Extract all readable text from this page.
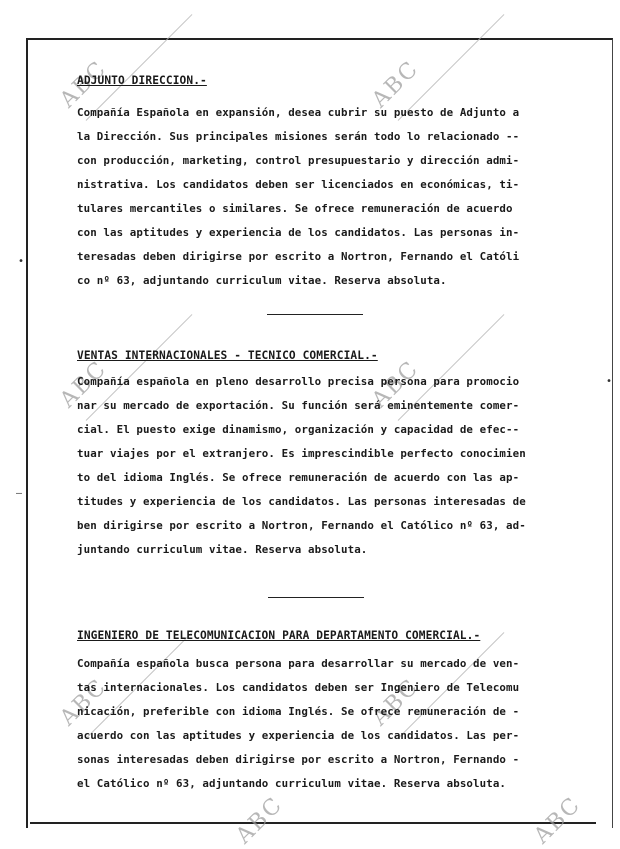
ABC	ABC
ABC	ABC
ABC	ABC
ABC	ABC
•
–
•

ADJUNTO DIRECCION.-

Compañía Española en expansión, desea cubrir su puesto de Adjunto a

la Dirección. Sus principales misiones serán todo lo relacionado --

con producción, marketing, control presupuestario y dirección admi-

nistrativa. Los candidatos deben ser licenciados en económicas, ti-

tulares mercantiles o similares. Se ofrece remuneración de acuerdo

con las aptitudes y experiencia de los candidatos. Las personas in-

teresadas deben dirigirse por escrito a Nortron, Fernando el Católi

co nº 63, adjuntando curriculum vitae. Reserva absoluta.

VENTAS INTERNACIONALES - TECNICO COMERCIAL.-

Compañía española en pleno desarrollo precisa persona para promocio

nar su mercado de exportación. Su función será eminentemente comer-

cial. El puesto exige dinamismo, organización y capacidad de efec--

tuar viajes por el extranjero. Es imprescindible perfecto conocimien

to del idioma Inglés. Se ofrece remuneración de acuerdo con las ap-

titudes y experiencia de los candidatos. Las personas interesadas de

ben dirigirse por escrito a Nortron, Fernando el Católico nº 63, ad-

juntando curriculum vitae. Reserva absoluta.

INGENIERO DE TELECOMUNICACION PARA DEPARTAMENTO COMERCIAL.-

Compañía española busca persona para desarrollar su mercado de ven-

tas internacionales. Los candidatos deben ser Ingeniero de Telecomu

nicación, preferible con idioma Inglés. Se ofrece remuneración de -

acuerdo con las aptitudes y experiencia de los candidatos. Las per-

sonas interesadas deben dirigirse por escrito a Nortron, Fernando -

el Católico nº 63, adjuntando curriculum vitae. Reserva absoluta.
